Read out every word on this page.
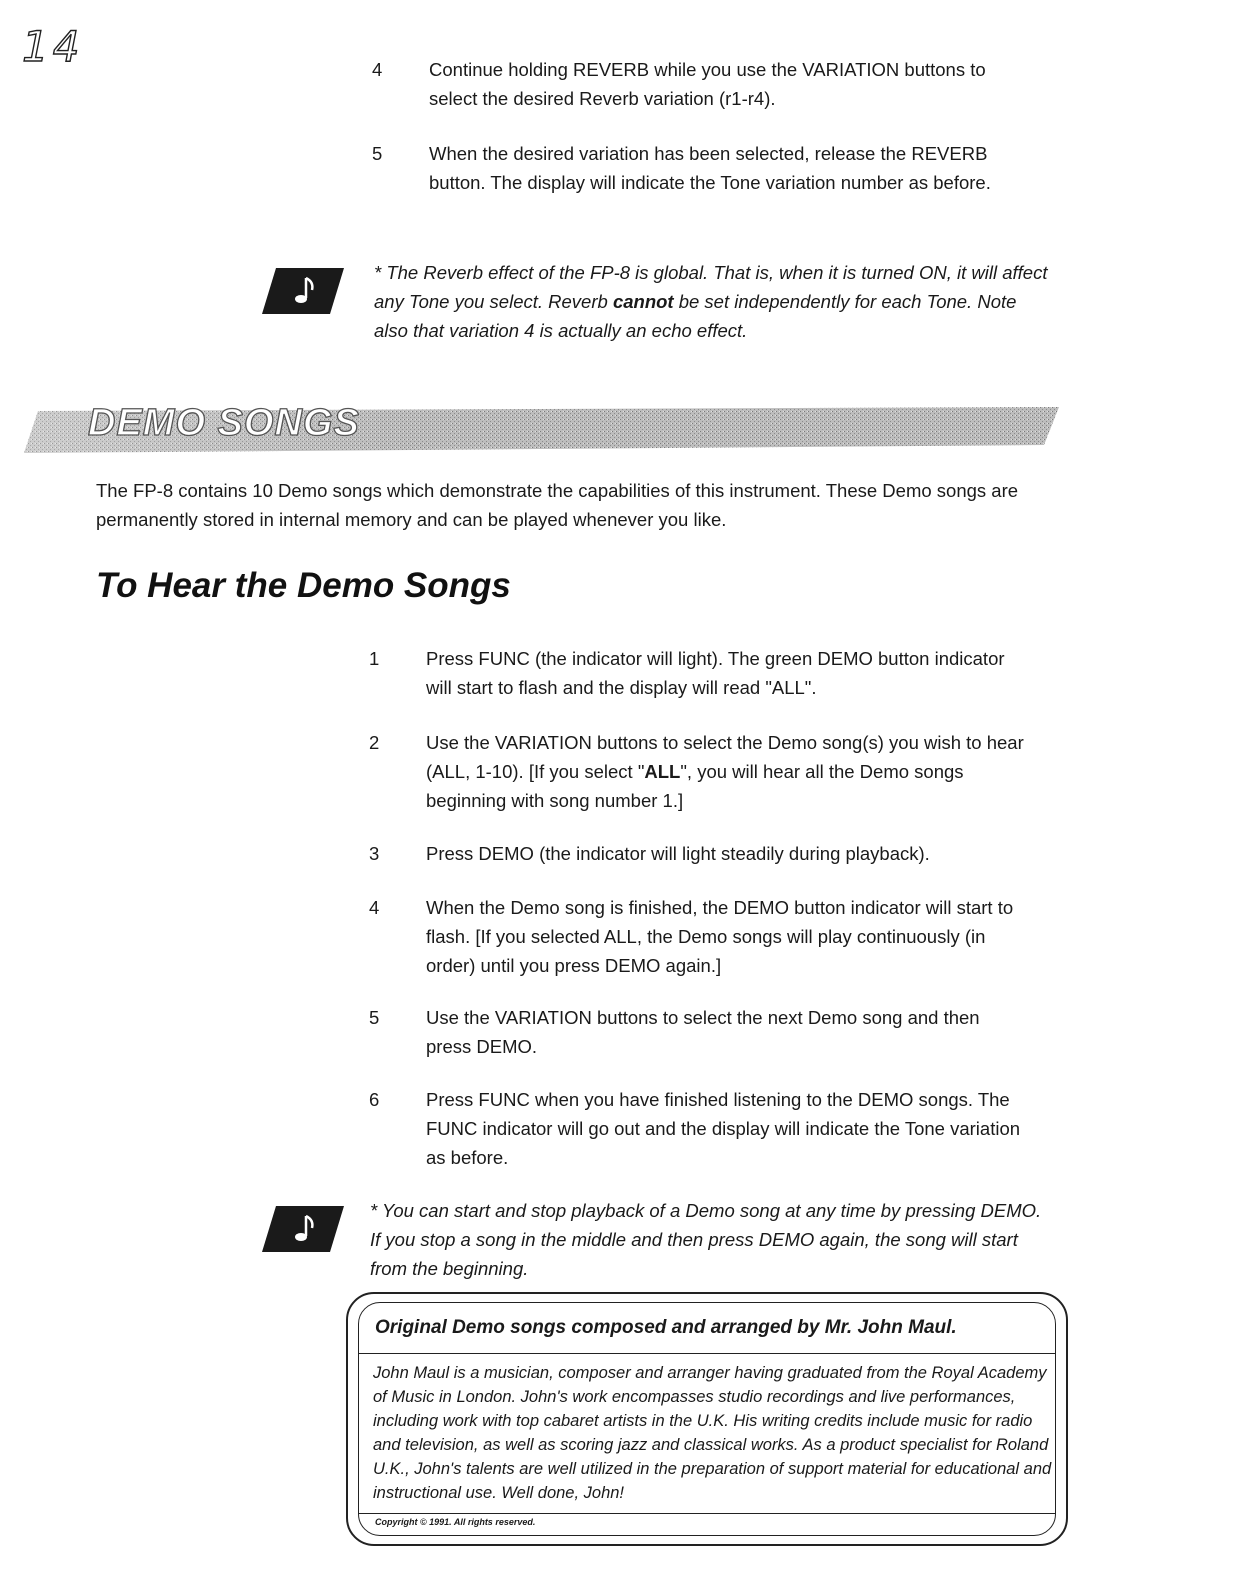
14	4	Continue holding REVERB while you use the VARIATION buttons to select the desired Reverb variation (r1-r4).
5	When the desired variation has been selected, release the REVERB button. The display will indicate the Tone variation number as before.
* The Reverb effect of the FP-8 is global. That is, when it is turned ON, it will affect any Tone you select. Reverb cannot be set independently for each Tone. Note also that variation 4 is actually an echo effect.
DEMO SONGS
The FP-8 contains 10 Demo songs which demonstrate the capabilities of this instrument. These Demo songs are permanently stored in internal memory and can be played whenever you like.
To Hear the Demo Songs
1	Press FUNC (the indicator will light). The green DEMO button indicator will start to flash and the display will read "ALL".
2	Use the VARIATION buttons to select the Demo song(s) you wish to hear (ALL, 1-10). [If you select "ALL", you will hear all the Demo songs beginning with song number 1.]
3	Press DEMO (the indicator will light steadily during playback).
4	When the Demo song is finished, the DEMO button indicator will start to flash. [If you selected ALL, the Demo songs will play continuously (in order) until you press DEMO again.]
5	Use the VARIATION buttons to select the next Demo song and then press DEMO.
6	Press FUNC when you have finished listening to the DEMO songs. The FUNC indicator will go out and the display will indicate the Tone variation as before.
* You can start and stop playback of a Demo song at any time by pressing DEMO. If you stop a song in the middle and then press DEMO again, the song will start from the beginning.
Original Demo songs composed and arranged by Mr. John Maul.
John Maul is a musician, composer and arranger having graduated from the Royal Academy of Music in London. John's work encompasses studio recordings and live performances, including work with top cabaret artists in the U.K. His writing credits include music for radio and television, as well as scoring jazz and classical works. As a product specialist for Roland U.K., John's talents are well utilized in the preparation of support material for educational and instructional use. Well done, John!
Copyright © 1991. All rights reserved.
